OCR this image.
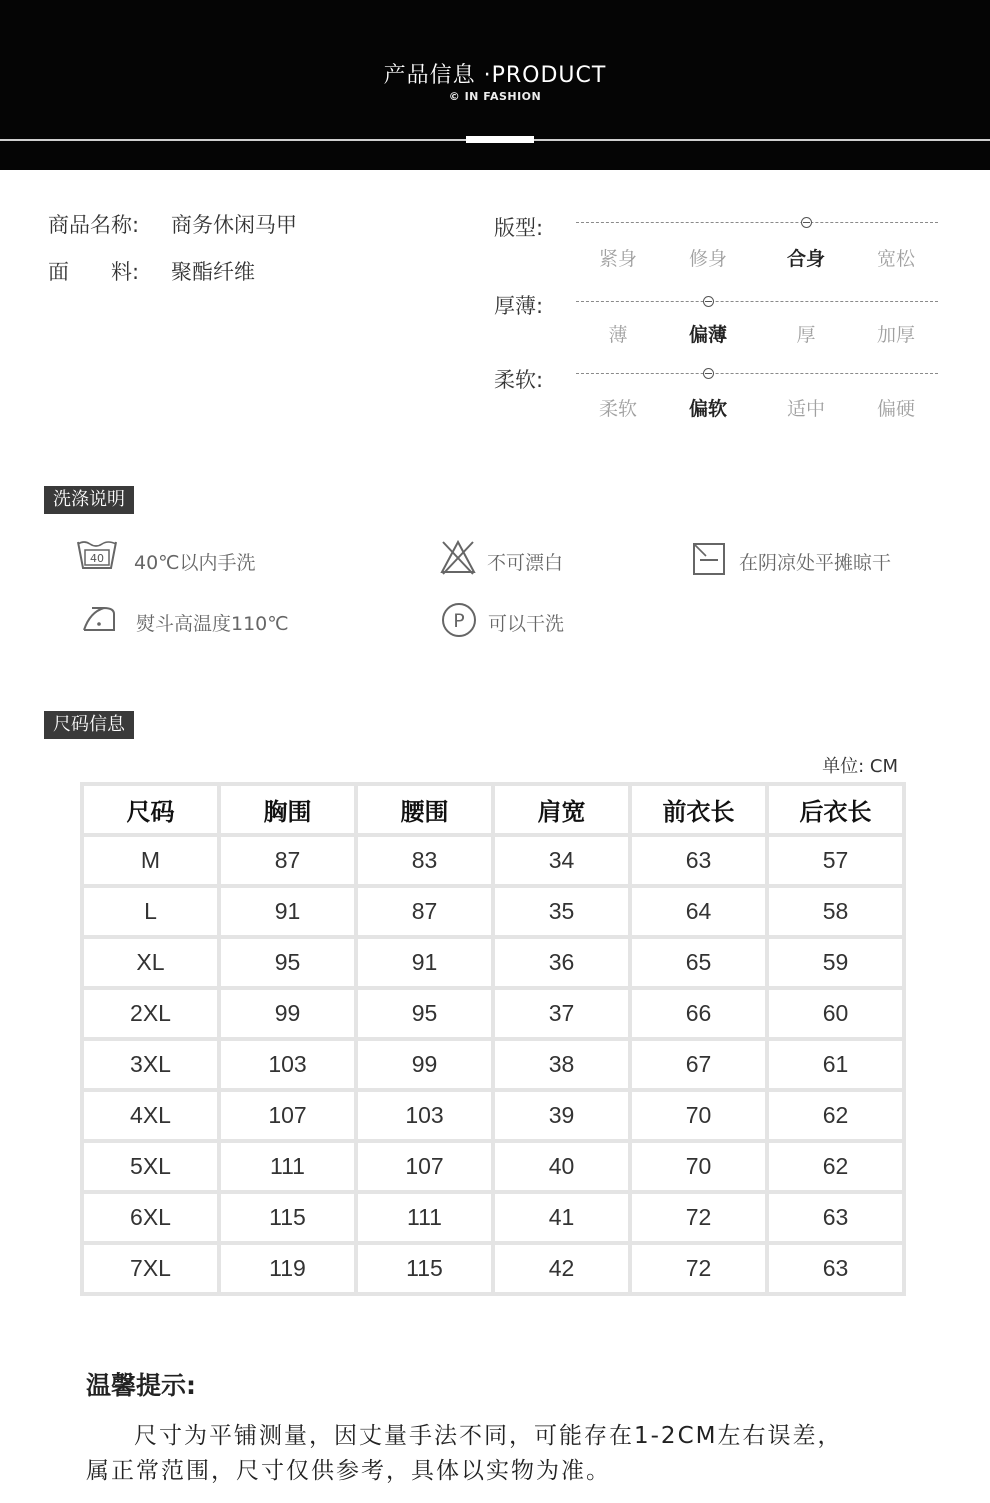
产品信息 ·PRODUCT
© IN FASHION
商品名称: 商务休闲马甲
面　　料: 聚酯纤维
版型:
紧身	修身	合身	宽松
厚薄:
薄	偏薄	厚	加厚
柔软:
柔软	偏软	适中	偏硬
洗涤说明
40 40℃以内手洗	不可漂白	在阴凉处平摊晾干
熨斗高温度110℃	P 可以干洗
尺码信息
单位: CM
尺码	胸围	腰围	肩宽	前衣长	后衣长
M	87	83	34	63	57
L	91	87	35	64	58
XL	95	91	36	65	59
2XL	99	95	37	66	60
3XL	103	99	38	67	61
4XL	107	103	39	70	62
5XL	111	107	40	70	62
6XL	115	111	41	72	63
7XL	119	115	42	72	63
温馨提示:
尺寸为平铺测量，因丈量手法不同，可能存在1-2CM左右误差，
属正常范围，尺寸仅供参考，具体以实物为准。
